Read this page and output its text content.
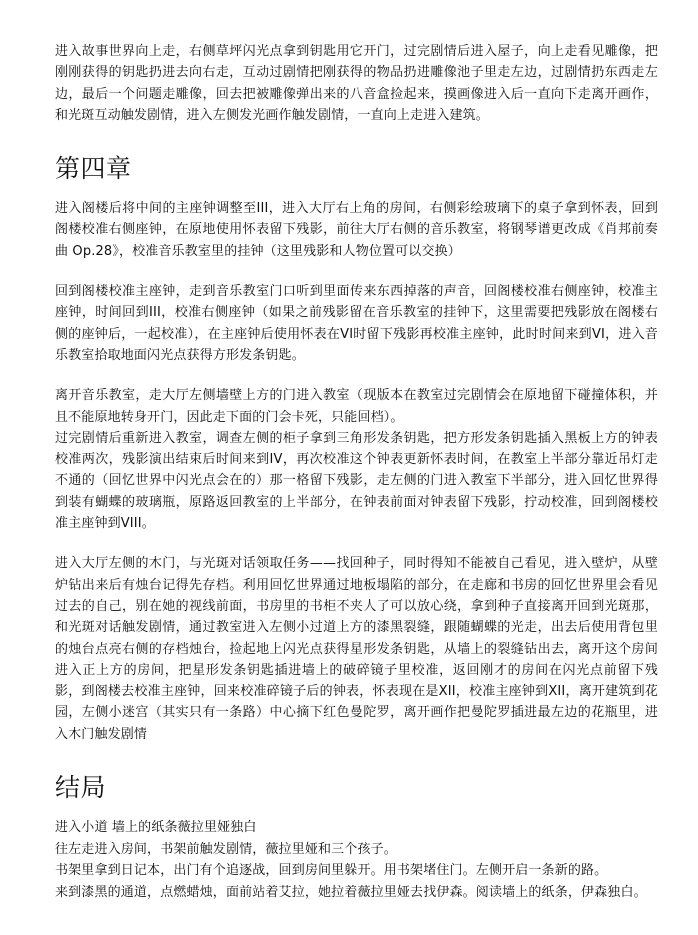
进入故事世界向上走，右侧草坪闪光点拿到钥匙用它开门，过完剧情后进入屋子，向上走看见雕像，把刚刚获得的钥匙扔进去向右走，互动过剧情把刚获得的物品扔进雕像池子里走左边，过剧情扔东西走左边，最后一个问题走雕像，回去把被雕像弹出来的八音盒捡起来，摸画像进入后一直向下走离开画作，和光斑互动触发剧情，进入左侧发光画作触发剧情，一直向上走进入建筑。

第四章

进入阁楼后将中间的主座钟调整至III，进入大厅右上角的房间，右侧彩绘玻璃下的桌子拿到怀表，回到阁楼校准右侧座钟，在原地使用怀表留下残影，前往大厅右侧的音乐教室，将钢琴谱更改成《肖邦前奏曲 Op.28》，校准音乐教室里的挂钟（这里残影和人物位置可以交换）

回到阁楼校准主座钟，走到音乐教室门口听到里面传来东西掉落的声音，回阁楼校准右侧座钟，校准主座钟，时间回到III，校准右侧座钟（如果之前残影留在音乐教室的挂钟下，这里需要把残影放在阁楼右侧的座钟后，一起校准），在主座钟后使用怀表在VI时留下残影再校准主座钟，此时时间来到VI，进入音乐教室拾取地面闪光点获得方形发条钥匙。

离开音乐教室，走大厅左侧墙壁上方的门进入教室（现版本在教室过完剧情会在原地留下碰撞体积，并且不能原地转身开门，因此走下面的门会卡死，只能回档）。

过完剧情后重新进入教室，调查左侧的柜子拿到三角形发条钥匙，把方形发条钥匙插入黑板上方的钟表校准两次，残影演出结束后时间来到IV，再次校准这个钟表更新怀表时间，在教室上半部分靠近吊灯走不通的（回忆世界中闪光点会在的）那一格留下残影，走左侧的门进入教室下半部分，进入回忆世界得到装有蝴蝶的玻璃瓶，原路返回教室的上半部分，在钟表前面对钟表留下残影，拧动校准，回到阁楼校准主座钟到VIII。

进入大厅左侧的木门，与光斑对话领取任务——找回种子，同时得知不能被自己看见，进入壁炉，从壁炉钻出来后有烛台记得先存档。利用回忆世界通过地板塌陷的部分，在走廊和书房的回忆世界里会看见过去的自己，别在她的视线前面，书房里的书柜不夹人了可以放心绕，拿到种子直接离开回到光斑那，和光斑对话触发剧情，通过教室进入左侧小过道上方的漆黑裂缝，跟随蝴蝶的光走，出去后使用背包里的烛台点亮右侧的存档烛台，捡起地上闪光点获得星形发条钥匙，从墙上的裂缝钻出去，离开这个房间进入正上方的房间，把星形发条钥匙插进墙上的破碎镜子里校准，返回刚才的房间在闪光点前留下残影，到阁楼去校准主座钟，回来校准碎镜子后的钟表，怀表现在是XII，校准主座钟到XII，离开建筑到花园，左侧小迷宫（其实只有一条路）中心摘下红色曼陀罗，离开画作把曼陀罗插进最左边的花瓶里，进入木门触发剧情

结局

进入小道 墙上的纸条薇拉里娅独白

往左走进入房间，书架前触发剧情，薇拉里娅和三个孩子。

书架里拿到日记本，出门有个追逐战，回到房间里躲开。用书架堵住门。左侧开启一条新的路。

来到漆黑的通道，点燃蜡烛，面前站着艾拉，她拉着薇拉里娅去找伊森。阅读墙上的纸条，伊森独白。
